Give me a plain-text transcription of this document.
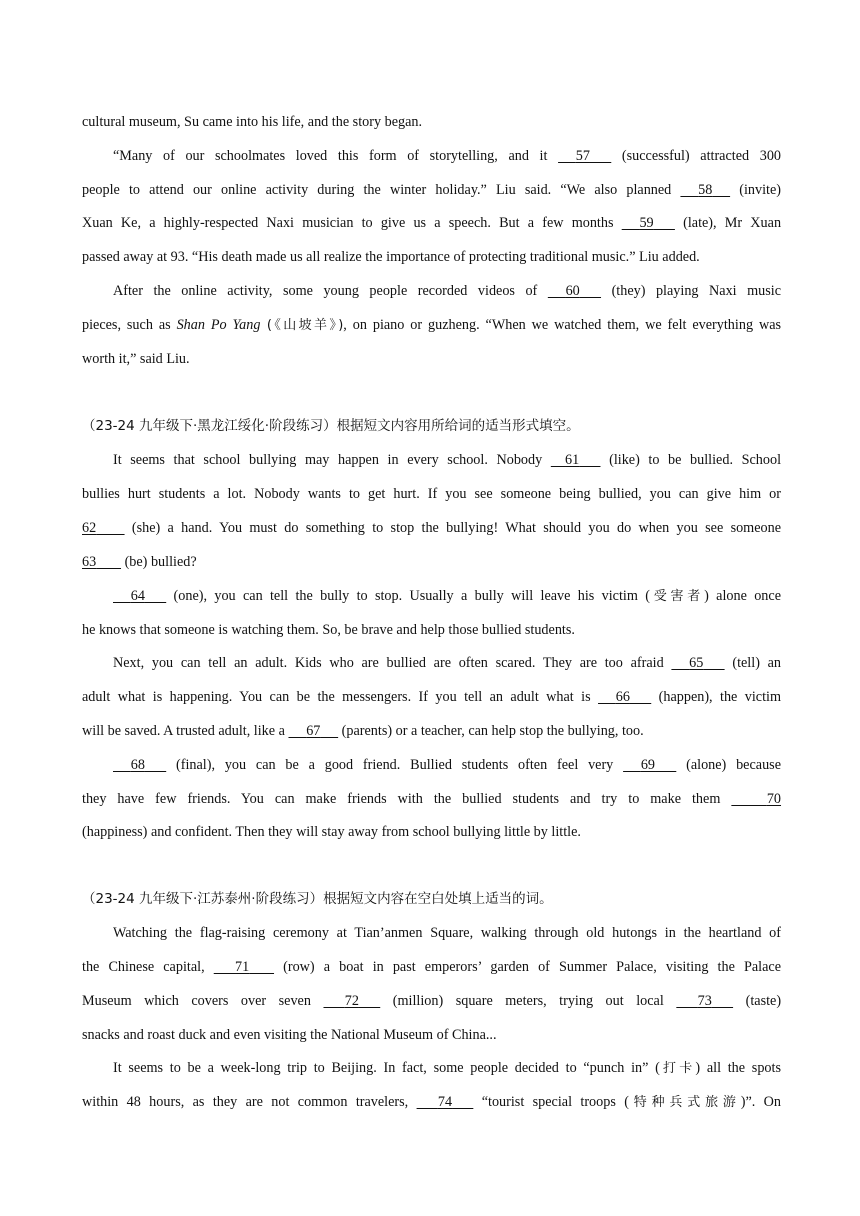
cultural museum, Su came into his life, and the story began.
“Many of our schoolmates loved this form of storytelling, and it 57 (successful) attracted 300
people to attend our online activity during the winter holiday.” Liu said. “We also planned 58 (invite)
Xuan Ke, a highly-respected Naxi musician to give us a speech. But a few months 59 (late), Mr Xuan
passed away at 93. “His death made us all realize the importance of protecting traditional music.” Liu added.
After the online activity, some young people recorded videos of 60 (they) playing Naxi music
pieces, such as Shan Po Yang (《山坡羊》), on piano or guzheng. “When we watched them, we felt everything was
worth it,” said Liu.
（23-24 九年级下·黑龙江绥化·阶段练习）根据短文内容用所给词的适当形式填空。
It seems that school bullying may happen in every school. Nobody 61 (like) to be bullied. School
bullies hurt students a lot. Nobody wants to get hurt. If you see someone being bullied, you can give him or
62	(she) a hand. You must do something to stop the bullying! What should you do when you see someone
63 (be) bullied?
64 (one), you can tell the bully to stop. Usually a bully will leave his victim (受害者) alone once
he knows that someone is watching them. So, be brave and help those bullied students.
Next, you can tell an adult. Kids who are bullied are often scared. They are too afraid 65 (tell) an
adult what is happening. You can be the messengers. If you tell an adult what is 66 (happen), the victim
will be saved. A trusted adult, like a 67 (parents) or a teacher, can help stop the bullying, too.
68 (final), you can be a good friend. Bullied students often feel very 69 (alone) because
they have few friends. You can make friends with the bullied students and try to make them	70
(happiness) and confident. Then they will stay away from school bullying little by little.
（23-24 九年级下·江苏泰州·阶段练习）根据短文内容在空白处填上适当的词。
Watching the flag-raising ceremony at Tian’anmen Square, walking through old hutongs in the heartland of
the Chinese capital, 71 (row) a boat in past emperors’ garden of Summer Palace, visiting the Palace
Museum which covers over seven 72 (million) square meters, trying out local 73 (taste)
snacks and roast duck and even visiting the National Museum of China...
It seems to be a week-long trip to Beijing. In fact, some people decided to “punch in” (打卡) all the spots
within 48 hours, as they are not common travelers, 74 “tourist special troops (特种兵式旅游)”. On
